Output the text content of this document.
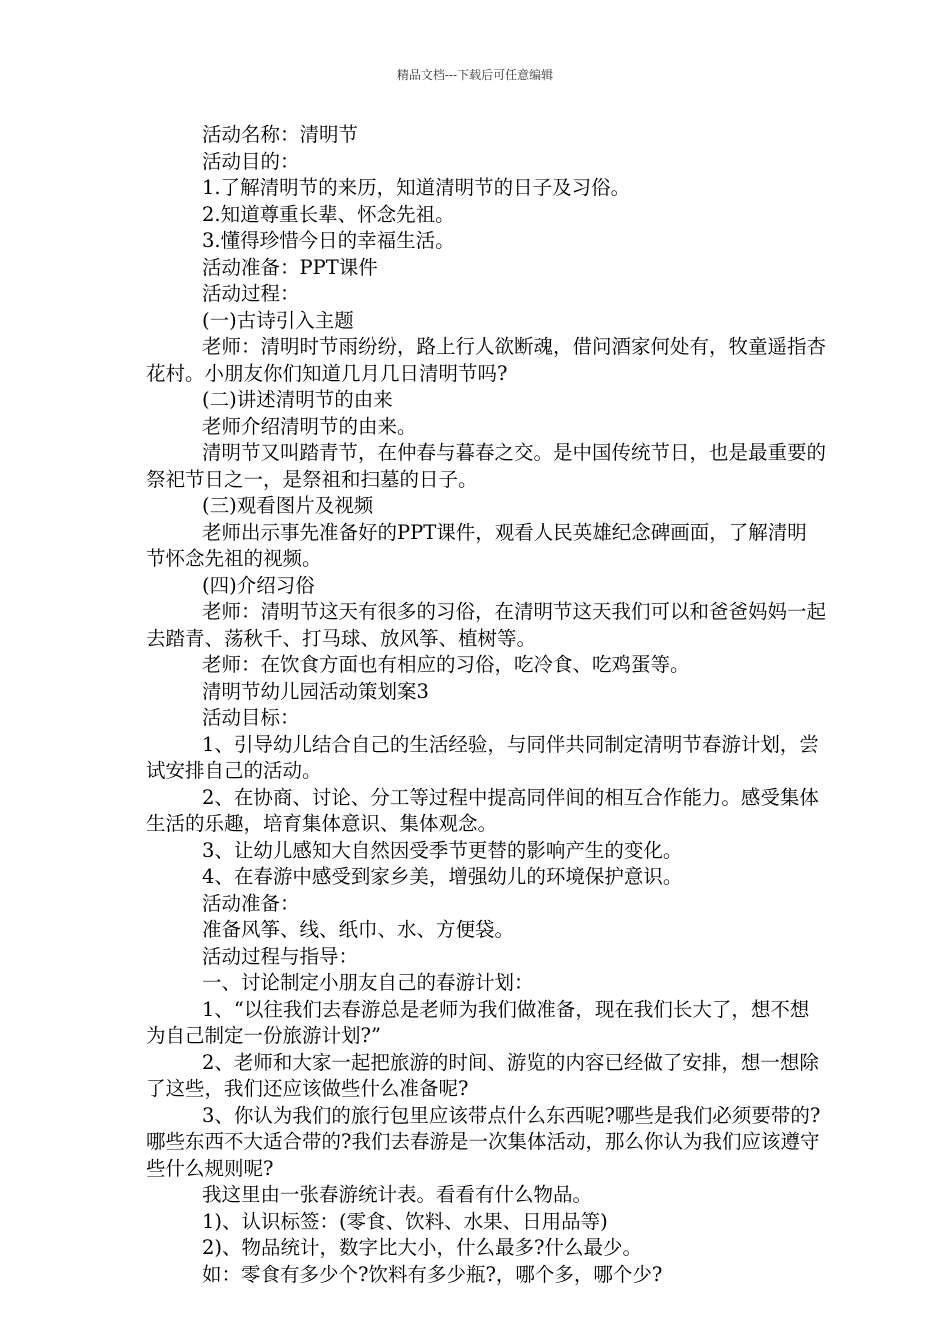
精品文档---下载后可任意编辑

活动名称：清明节

活动目的：

1.了解清明节的来历，知道清明节的日子及习俗。

2.知道尊重长辈、怀念先祖。

3.懂得珍惜今日的幸福生活。

活动准备：PPT课件

活动过程：

(一)古诗引入主题

老师：清明时节雨纷纷，路上行人欲断魂，借问酒家何处有，牧童遥指杏花村。小朋友你们知道几月几日清明节吗?

(二)讲述清明节的由来

老师介绍清明节的由来。

清明节又叫踏青节，在仲春与暮春之交。是中国传统节日，也是最重要的祭祀节日之一，是祭祖和扫墓的日子。

(三)观看图片及视频

老师出示事先准备好的PPT课件，观看人民英雄纪念碑画面，了解清明节怀念先祖的视频。

(四)介绍习俗

老师：清明节这天有很多的习俗，在清明节这天我们可以和爸爸妈妈一起去踏青、荡秋千、打马球、放风筝、植树等。

老师：在饮食方面也有相应的习俗，吃冷食、吃鸡蛋等。

清明节幼儿园活动策划案3

活动目标：

1、引导幼儿结合自己的生活经验，与同伴共同制定清明节春游计划，尝试安排自己的活动。

2、在协商、讨论、分工等过程中提高同伴间的相互合作能力。感受集体生活的乐趣，培育集体意识、集体观念。

3、让幼儿感知大自然因受季节更替的影响产生的变化。

4、在春游中感受到家乡美，增强幼儿的环境保护意识。

活动准备：

准备风筝、线、纸巾、水、方便袋。

活动过程与指导：

一、讨论制定小朋友自己的春游计划：

1、“以往我们去春游总是老师为我们做准备，现在我们长大了，想不想为自己制定一份旅游计划?”

2、老师和大家一起把旅游的时间、游览的内容已经做了安排，想一想除了这些，我们还应该做些什么准备呢?

3、你认为我们的旅行包里应该带点什么东西呢?哪些是我们必须要带的?哪些东西不大适合带的?我们去春游是一次集体活动，那么你认为我们应该遵守些什么规则呢?

我这里由一张春游统计表。看看有什么物品。

1)、认识标签：(零食、饮料、水果、日用品等)

2)、物品统计，数字比大小，什么最多?什么最少。

如：零食有多少个?饮料有多少瓶?，哪个多，哪个少?
